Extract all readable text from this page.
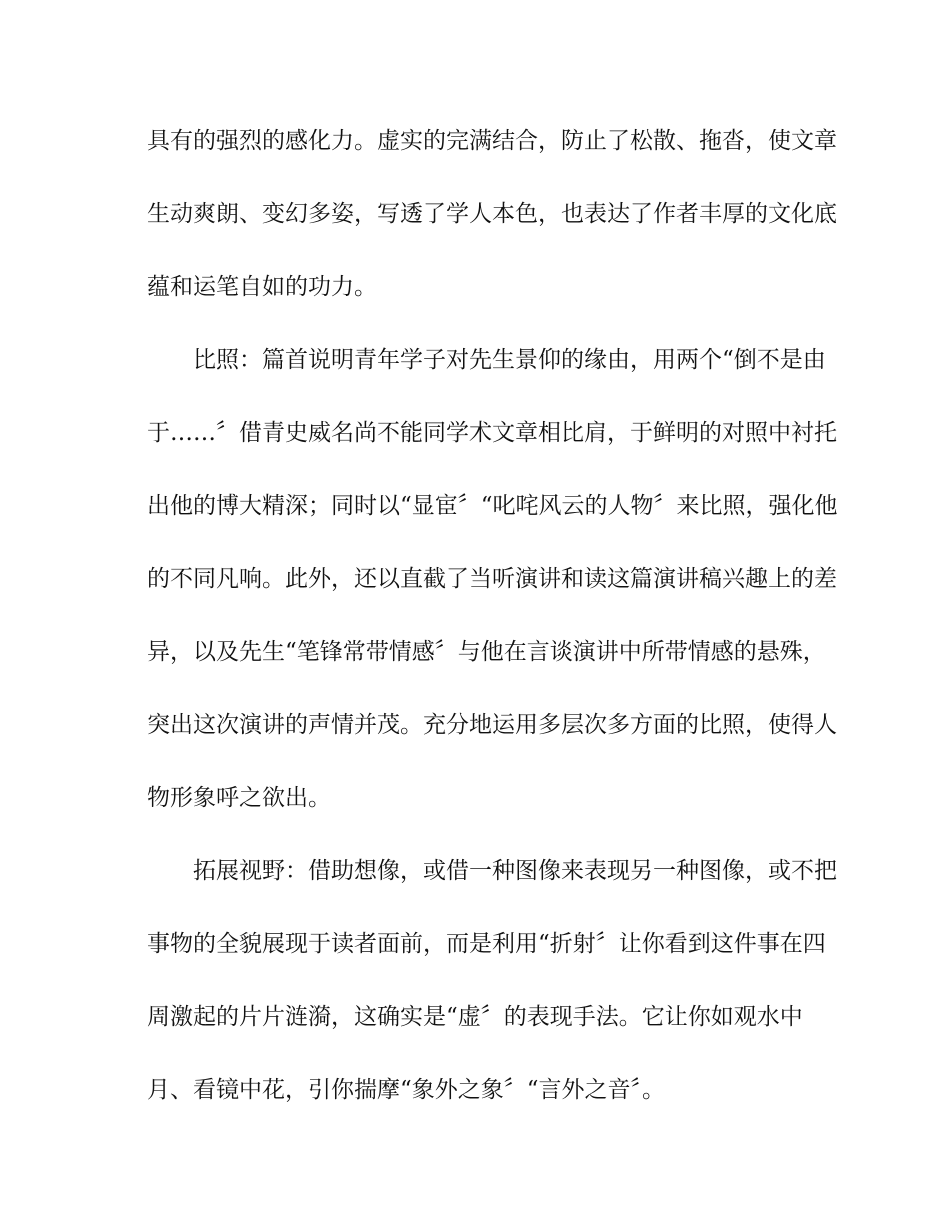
具有的强烈的感化力。虚实的完满结合，防止了松散、拖沓，使文章
生动爽朗、变幻多姿，写透了学人本色，也表达了作者丰厚的文化底
蕴和运笔自如的功力。
比照：篇首说明青年学子对先生景仰的缘由，用两个“倒不是由
于……〞借青史威名尚不能同学术文章相比肩，于鲜明的对照中衬托
出他的博大精深；同时以“显宦〞“叱咤风云的人物〞来比照，强化他
的不同凡响。此外，还以直截了当听演讲和读这篇演讲稿兴趣上的差
异，以及先生“笔锋常带情感〞与他在言谈演讲中所带情感的悬殊，
突出这次演讲的声情并茂。充分地运用多层次多方面的比照，使得人
物形象呼之欲出。
拓展视野：借助想像，或借一种图像来表现另一种图像，或不把
事物的全貌展现于读者面前，而是利用“折射〞让你看到这件事在四
周激起的片片涟漪，这确实是“虚〞的表现手法。它让你如观水中
月、看镜中花，引你揣摩“象外之象〞“言外之音〞。
